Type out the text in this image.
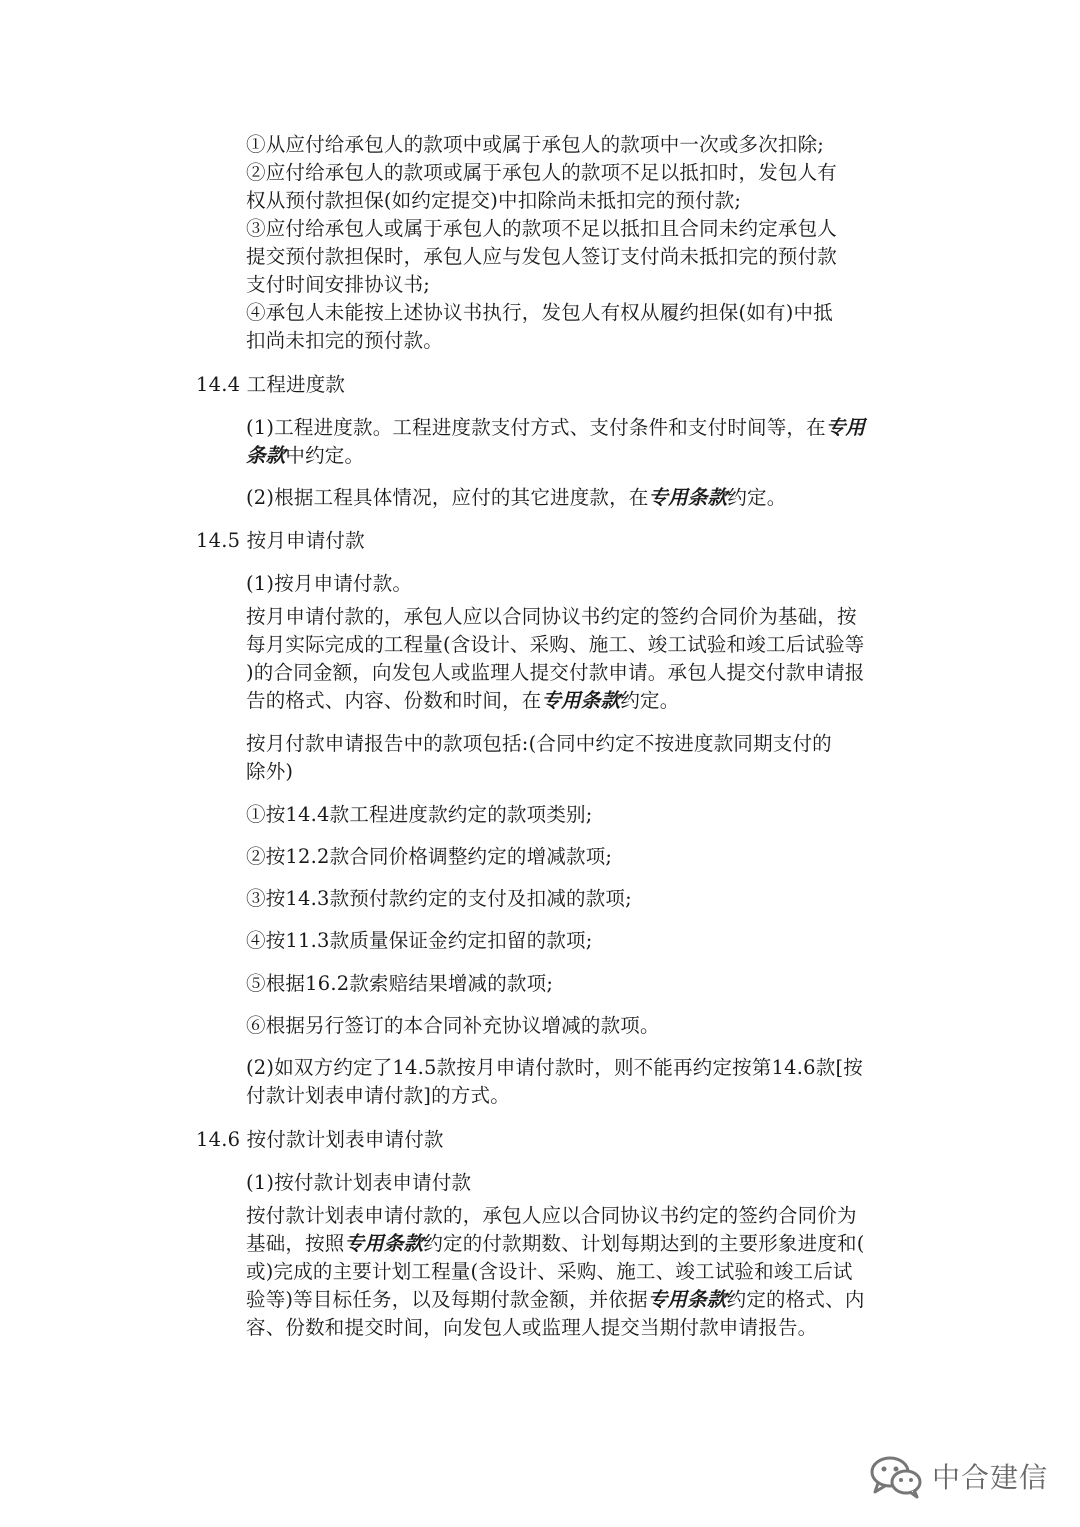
①从应付给承包人的款项中或属于承包人的款项中一次或多次扣除;
②应付给承包人的款项或属于承包人的款项不足以抵扣时，发包人有
权从预付款担保(如约定提交)中扣除尚未抵扣完的预付款;
③应付给承包人或属于承包人的款项不足以抵扣且合同未约定承包人
提交预付款担保时，承包人应与发包人签订支付尚未抵扣完的预付款
支付时间安排协议书;
④承包人未能按上述协议书执行，发包人有权从履约担保(如有)中抵
扣尚未扣完的预付款。
14.4 工程进度款
(1)工程进度款。工程进度款支付方式、支付条件和支付时间等，在专用
条款中约定。
(2)根据工程具体情况，应付的其它进度款，在专用条款约定。
14.5 按月申请付款
(1)按月申请付款。
按月申请付款的，承包人应以合同协议书约定的签约合同价为基础，按
每月实际完成的工程量(含设计、采购、施工、竣工试验和竣工后试验等
)的合同金额，向发包人或监理人提交付款申请。承包人提交付款申请报
告的格式、内容、份数和时间，在专用条款约定。
按月付款申请报告中的款项包括:(合同中约定不按进度款同期支付的
除外)
①按14.4款工程进度款约定的款项类别;
②按12.2款合同价格调整约定的增减款项;
③按14.3款预付款约定的支付及扣减的款项;
④按11.3款质量保证金约定扣留的款项;
⑤根据16.2款索赔结果增减的款项;
⑥根据另行签订的本合同补充协议增减的款项。
(2)如双方约定了14.5款按月申请付款时，则不能再约定按第14.6款[按
付款计划表申请付款]的方式。
14.6 按付款计划表申请付款
(1)按付款计划表申请付款
按付款计划表申请付款的，承包人应以合同协议书约定的签约合同价为
基础，按照专用条款约定的付款期数、计划每期达到的主要形象进度和(
或)完成的主要计划工程量(含设计、采购、施工、竣工试验和竣工后试
验等)等目标任务，以及每期付款金额，并依据专用条款约定的格式、内
容、份数和提交时间，向发包人或监理人提交当期付款申请报告。
中合建信
